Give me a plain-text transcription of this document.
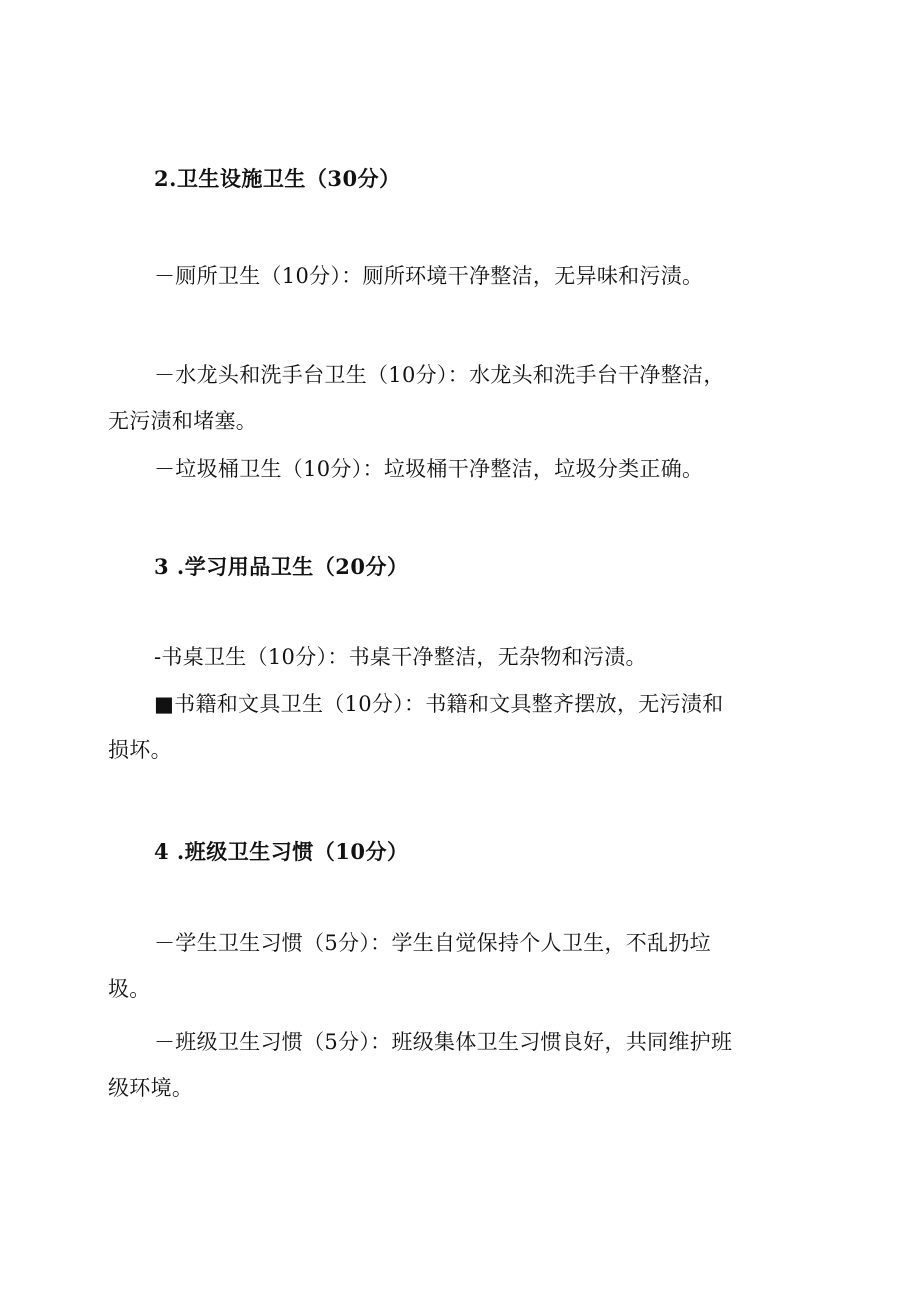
2.卫生设施卫生（30分）
－厕所卫生（10分）：厕所环境干净整洁，无异味和污渍。
－水龙头和洗手台卫生（10分）：水龙头和洗手台干净整洁，
无污渍和堵塞。
－垃圾桶卫生（10分）：垃圾桶干净整洁，垃圾分类正确。
3 .学习用品卫生（20分）
-书桌卫生（10分）：书桌干净整洁，无杂物和污渍。
■书籍和文具卫生（10分）：书籍和文具整齐摆放，无污渍和
损坏。
4 .班级卫生习惯（10分）
－学生卫生习惯（5分）：学生自觉保持个人卫生，不乱扔垃
圾。
－班级卫生习惯（5分）：班级集体卫生习惯良好，共同维护班
级环境。
